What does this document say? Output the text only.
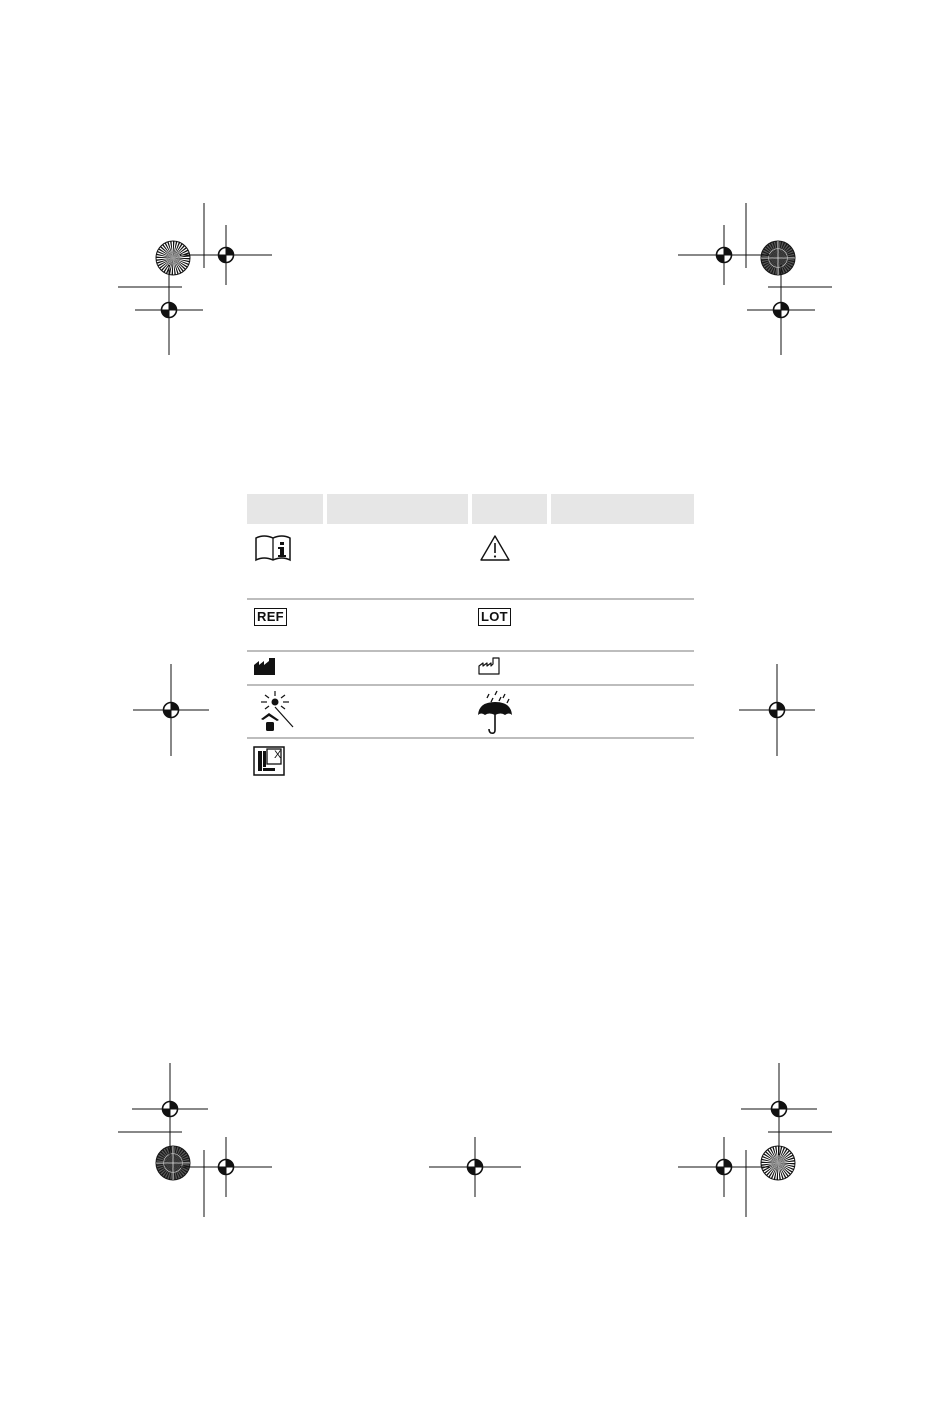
REF	LOT
X
